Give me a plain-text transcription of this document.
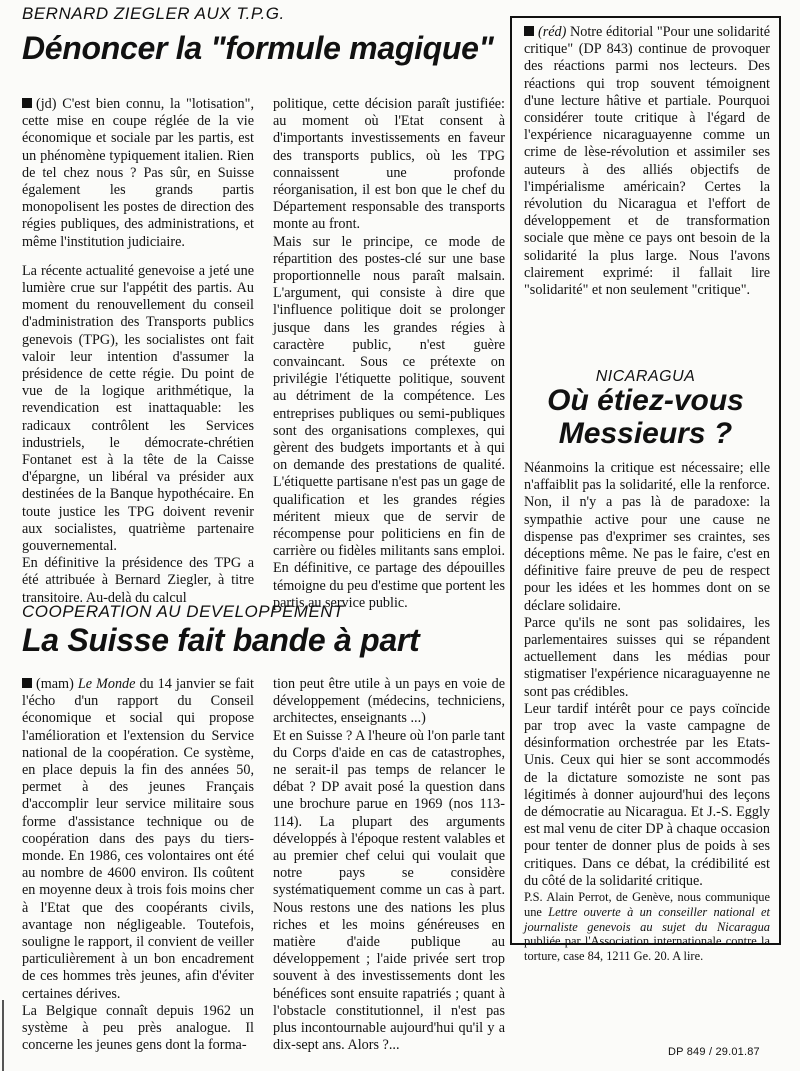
BERNARD ZIEGLER AUX T.P.G.
Dénoncer la "formule magique"

(jd) C'est bien connu, la "lotisation", cette mise en coupe réglée de la vie économique et sociale par les partis, est un phénomène typiquement italien. Rien de tel chez nous ? Pas sûr, en Suisse également les grands partis monopolisent les postes de direction des régies publiques, des administrations, et même l'institution judiciaire.

La récente actualité genevoise a jeté une lumière crue sur l'appétit des partis. Au moment du renouvellement du conseil d'administration des Transports publics genevois (TPG), les socialistes ont fait valoir leur intention d'assumer la présidence de cette régie. Du point de vue de la logique arithmétique, la revendication est inattaquable: les radicaux contrôlent les Services industriels, le démocrate-chrétien Fontanet est à la tête de la Caisse d'épargne, un libéral va présider aux destinées de la Banque hypothécaire. En toute justice les TPG doivent revenir aux socialistes, quatrième partenaire gouvernemental.

En définitive la présidence des TPG a été attribuée à Bernard Ziegler, à titre transitoire. Au-delà du calcul

politique, cette décision paraît justifiée: au moment où l'Etat consent à d'importants investissements en faveur des transports publics, où les TPG connaissent une profonde réorganisation, il est bon que le chef du Département responsable des transports monte au front.

Mais sur le principe, ce mode de répartition des postes-clé sur une base proportionnelle nous paraît malsain. L'argument, qui consiste à dire que l'influence politique doit se prolonger jusque dans les grandes régies à caractère public, n'est guère convaincant. Sous ce prétexte on privilégie l'étiquette politique, souvent au détriment de la compétence. Les entreprises publiques ou semi-publiques sont des organisations complexes, qui gèrent des budgets importants et à qui on demande des prestations de qualité. L'étiquette partisane n'est pas un gage de qualification et les grandes régies méritent mieux que de servir de récompense pour politiciens en fin de carrière ou fidèles militants sans emploi. En définitive, ce partage des dépouilles témoigne du peu d'estime que portent les partis au service public.

COOPERATION AU DEVELOPPEMENT
La Suisse fait bande à part

(mam) Le Monde du 14 janvier se fait l'écho d'un rapport du Conseil économique et social qui propose l'amélioration et l'extension du Service national de la coopération. Ce système, en place depuis la fin des années 50, permet à des jeunes Français d'accomplir leur service militaire sous forme d'assistance technique ou de coopération dans des pays du tiers-monde. En 1986, ces volontaires ont été au nombre de 4600 environ. Ils coûtent en moyenne deux à trois fois moins cher à l'Etat que des coopérants civils, avantage non négligeable. Toutefois, souligne le rapport, il convient de veiller particulièrement à un bon encadrement de ces hommes très jeunes, afin d'éviter certaines dérives.

La Belgique connaît depuis 1962 un système à peu près analogue. Il concerne les jeunes gens dont la forma-

tion peut être utile à un pays en voie de développement (médecins, techniciens, architectes, enseignants ...)

Et en Suisse ? A l'heure où l'on parle tant du Corps d'aide en cas de catastrophes, ne serait-il pas temps de relancer le débat ? DP avait posé la question dans une brochure parue en 1969 (nos 113-114). La plupart des arguments développés à l'époque restent valables et au premier chef celui qui voulait que notre pays se considère systématiquement comme un cas à part. Nous restons une des nations les plus riches et les moins généreuses en matière d'aide publique au développement ; l'aide privée sert trop souvent à des investissements dont les bénéfices sont ensuite rapatriés ; quant à l'obstacle constitutionnel, il n'est pas plus incontournable aujourd'hui qu'il y a dix-sept ans. Alors ?...

(réd) Notre éditorial "Pour une solidarité critique" (DP 843) continue de provoquer des réactions parmi nos lecteurs. Des réactions qui trop souvent témoignent d'une lecture hâtive et partiale. Pourquoi considérer toute critique à l'égard de l'expérience nicaraguayenne comme un crime de lèse-révolution et assimiler ses auteurs à des alliés objectifs de l'impérialisme américain? Certes la révolution du Nicaragua et l'effort de développement et de transformation sociale que mène ce pays ont besoin de la solidarité la plus large. Nous l'avons clairement exprimé: il fallait lire "solidarité" et non seulement "critique".

NICARAGUA
Où étiez-vous
Messieurs ?

Néanmoins la critique est nécessaire; elle n'affaiblit pas la solidarité, elle la renforce. Non, il n'y a pas là de paradoxe: la sympathie active pour une cause ne dispense pas d'exprimer ses craintes, ses déceptions même. Ne pas le faire, c'est en définitive faire preuve de peu de respect pour les idées et les hommes dont on se déclare solidaire.

Parce qu'ils ne sont pas solidaires, les parlementaires suisses qui se répandent actuellement dans les médias pour stigmatiser l'expérience nicaraguayenne ne sont pas crédibles.

Leur tardif intérêt pour ce pays coïncide par trop avec la vaste campagne de désinformation orchestrée par les Etats-Unis. Ceux qui hier se sont accommodés de la dictature somoziste ne sont pas légitimés à donner aujourd'hui des leçons de démocratie au Nicaragua. Et J.-S. Eggly est mal venu de citer DP à chaque occasion pour tenter de donner plus de poids à ses critiques. Dans ce débat, la crédibilité est du côté de la solidarité critique.

P.S. Alain Perrot, de Genève, nous communique une Lettre ouverte à un conseiller national et journaliste genevois au sujet du Nicaragua publiée par l'Association internationale contre la torture, case 84, 1211 Ge. 20. A lire.

DP 849 / 29.01.87
